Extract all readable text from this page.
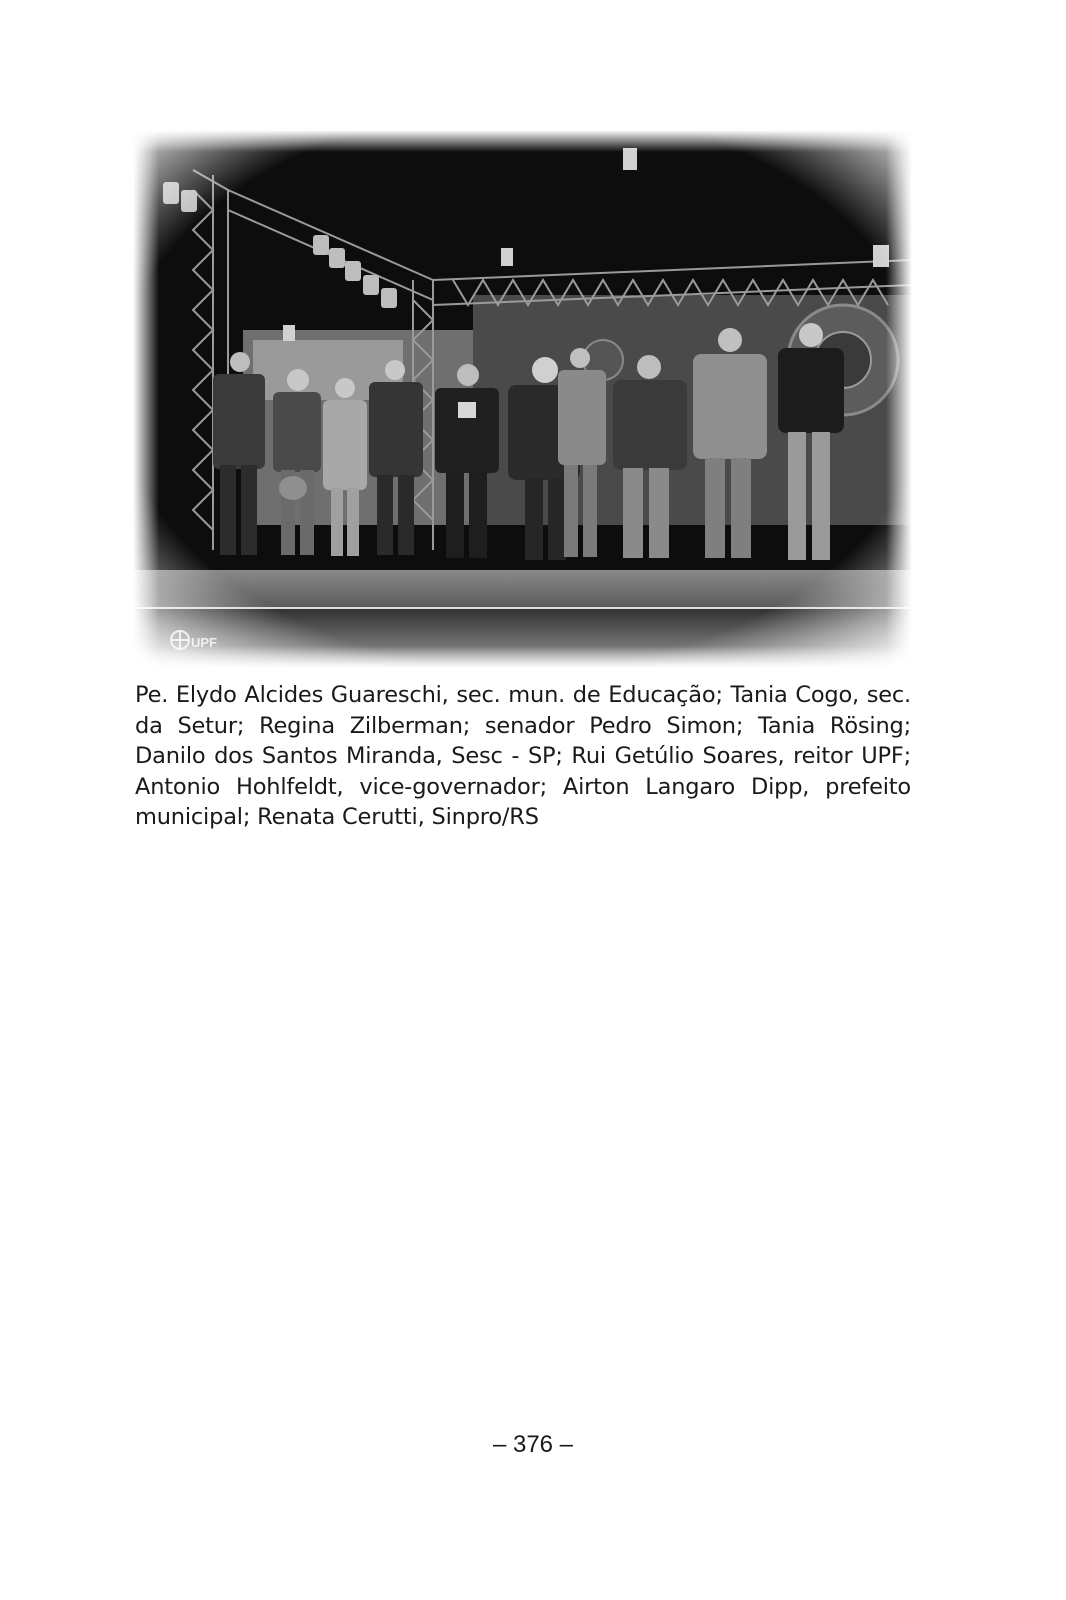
Pe. Elydo Alcides Guareschi, sec. mun. de Educação; Tania Cogo, sec. da Setur; Regina Zilberman; senador Pedro Simon; Tania Rösing; Danilo dos Santos Miranda, Sesc - SP; Rui Getúlio Soares, reitor UPF; Antonio Hohlfeldt, vice-governador; Airton Langaro Dipp, prefeito municipal; Renata Cerutti, Sinpro/RS

– 376 –
